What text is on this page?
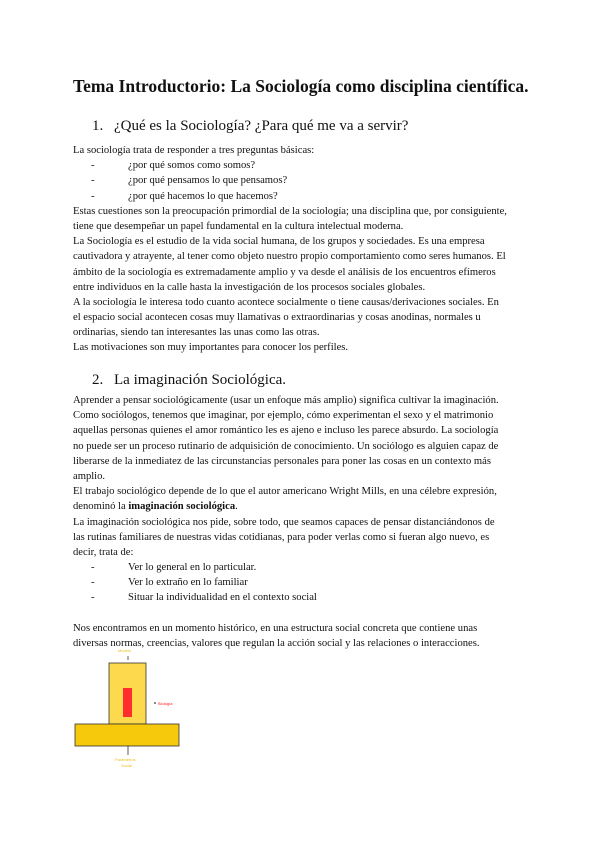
Tema Introductorio: La Sociología como disciplina científica.
1. ¿Qué es la Sociología? ¿Para qué me va a servir?
La sociología trata de responder a tres preguntas básicas:
-	¿por qué somos como somos?
-	¿por qué pensamos lo que pensamos?
-	¿por qué hacemos lo que hacemos?
Estas cuestiones son la preocupación primordial de la sociología; una disciplina que, por consiguiente,
tiene que desempeñar un papel fundamental en la cultura intelectual moderna.
La Sociología es el estudio de la vida social humana, de los grupos y sociedades. Es una empresa
cautivadora y atrayente, al tener como objeto nuestro propio comportamiento como seres humanos. El
ámbito de la sociología es extremadamente amplio y va desde el análisis de los encuentros efímeros
entre individuos en la calle hasta la investigación de los procesos sociales globales.
A la sociología le interesa todo cuanto acontece socialmente o tiene causas/derivaciones sociales. En
el espacio social acontecen cosas muy llamativas o extraordinarias y cosas anodinas, normales u
ordinarias, siendo tan interesantes las unas como las otras.
Las motivaciones son muy importantes para conocer los perfiles.
2. La imaginación Sociológica.
Aprender a pensar sociológicamente (usar un enfoque más amplio) significa cultivar la imaginación.
Como sociólogos, tenemos que imaginar, por ejemplo, cómo experimentan el sexo y el matrimonio
aquellas personas quienes el amor romántico les es ajeno e incluso les parece absurdo. La sociología
no puede ser un proceso rutinario de adquisición de conocimiento. Un sociólogo es alguien capaz de
liberarse de la inmediatez de las circunstancias personales para poner las cosas en un contexto más
amplio.
El trabajo sociológico depende de lo que el autor americano Wright Mills, en una célebre expresión,
denominó la imaginación sociológica.
La imaginación sociológica nos pide, sobre todo, que seamos capaces de pensar distanciándonos de
las rutinas familiares de nuestras vidas cotidianas, para poder verlas como si fueran algo nuevo, es
decir, trata de:
-	Ver lo general en lo particular.
-	Ver lo extraño en lo familiar
-	Situar la individualidad en el contexto social
Nos encontramos en un momento histórico, en una estructura social concreta que contiene unas
diversas normas, creencias, valores que regulan la acción social y las relaciones o interacciones.
Modelo
Biología
Parámetros
Social
